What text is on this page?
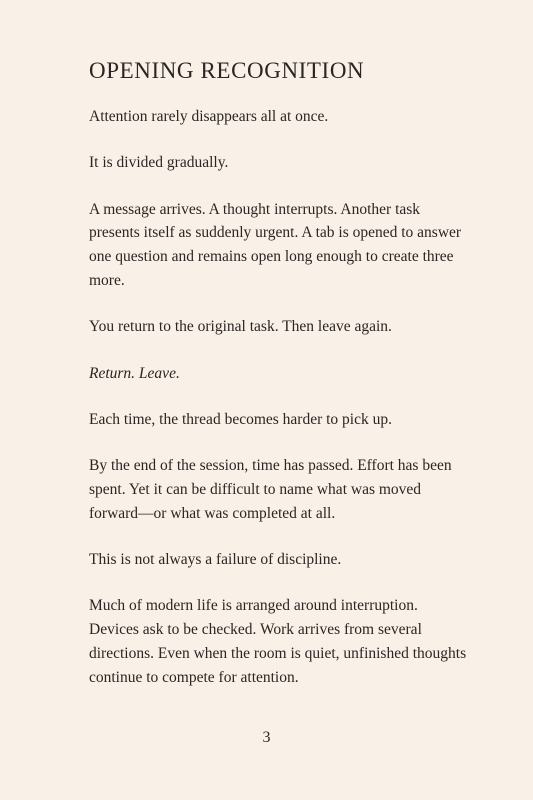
OPENING RECOGNITION

Attention rarely disappears all at once.

It is divided gradually.

A message arrives. A thought interrupts. Another task presents itself as suddenly urgent. A tab is opened to answer one question and remains open long enough to create three more.

You return to the original task. Then leave again.

Return. Leave.

Each time, the thread becomes harder to pick up.

By the end of the session, time has passed. Effort has been spent. Yet it can be difficult to name what was moved forward—or what was completed at all.

This is not always a failure of discipline.

Much of modern life is arranged around interruption. Devices ask to be checked. Work arrives from several directions. Even when the room is quiet, unfinished thoughts continue to compete for attention.

3
